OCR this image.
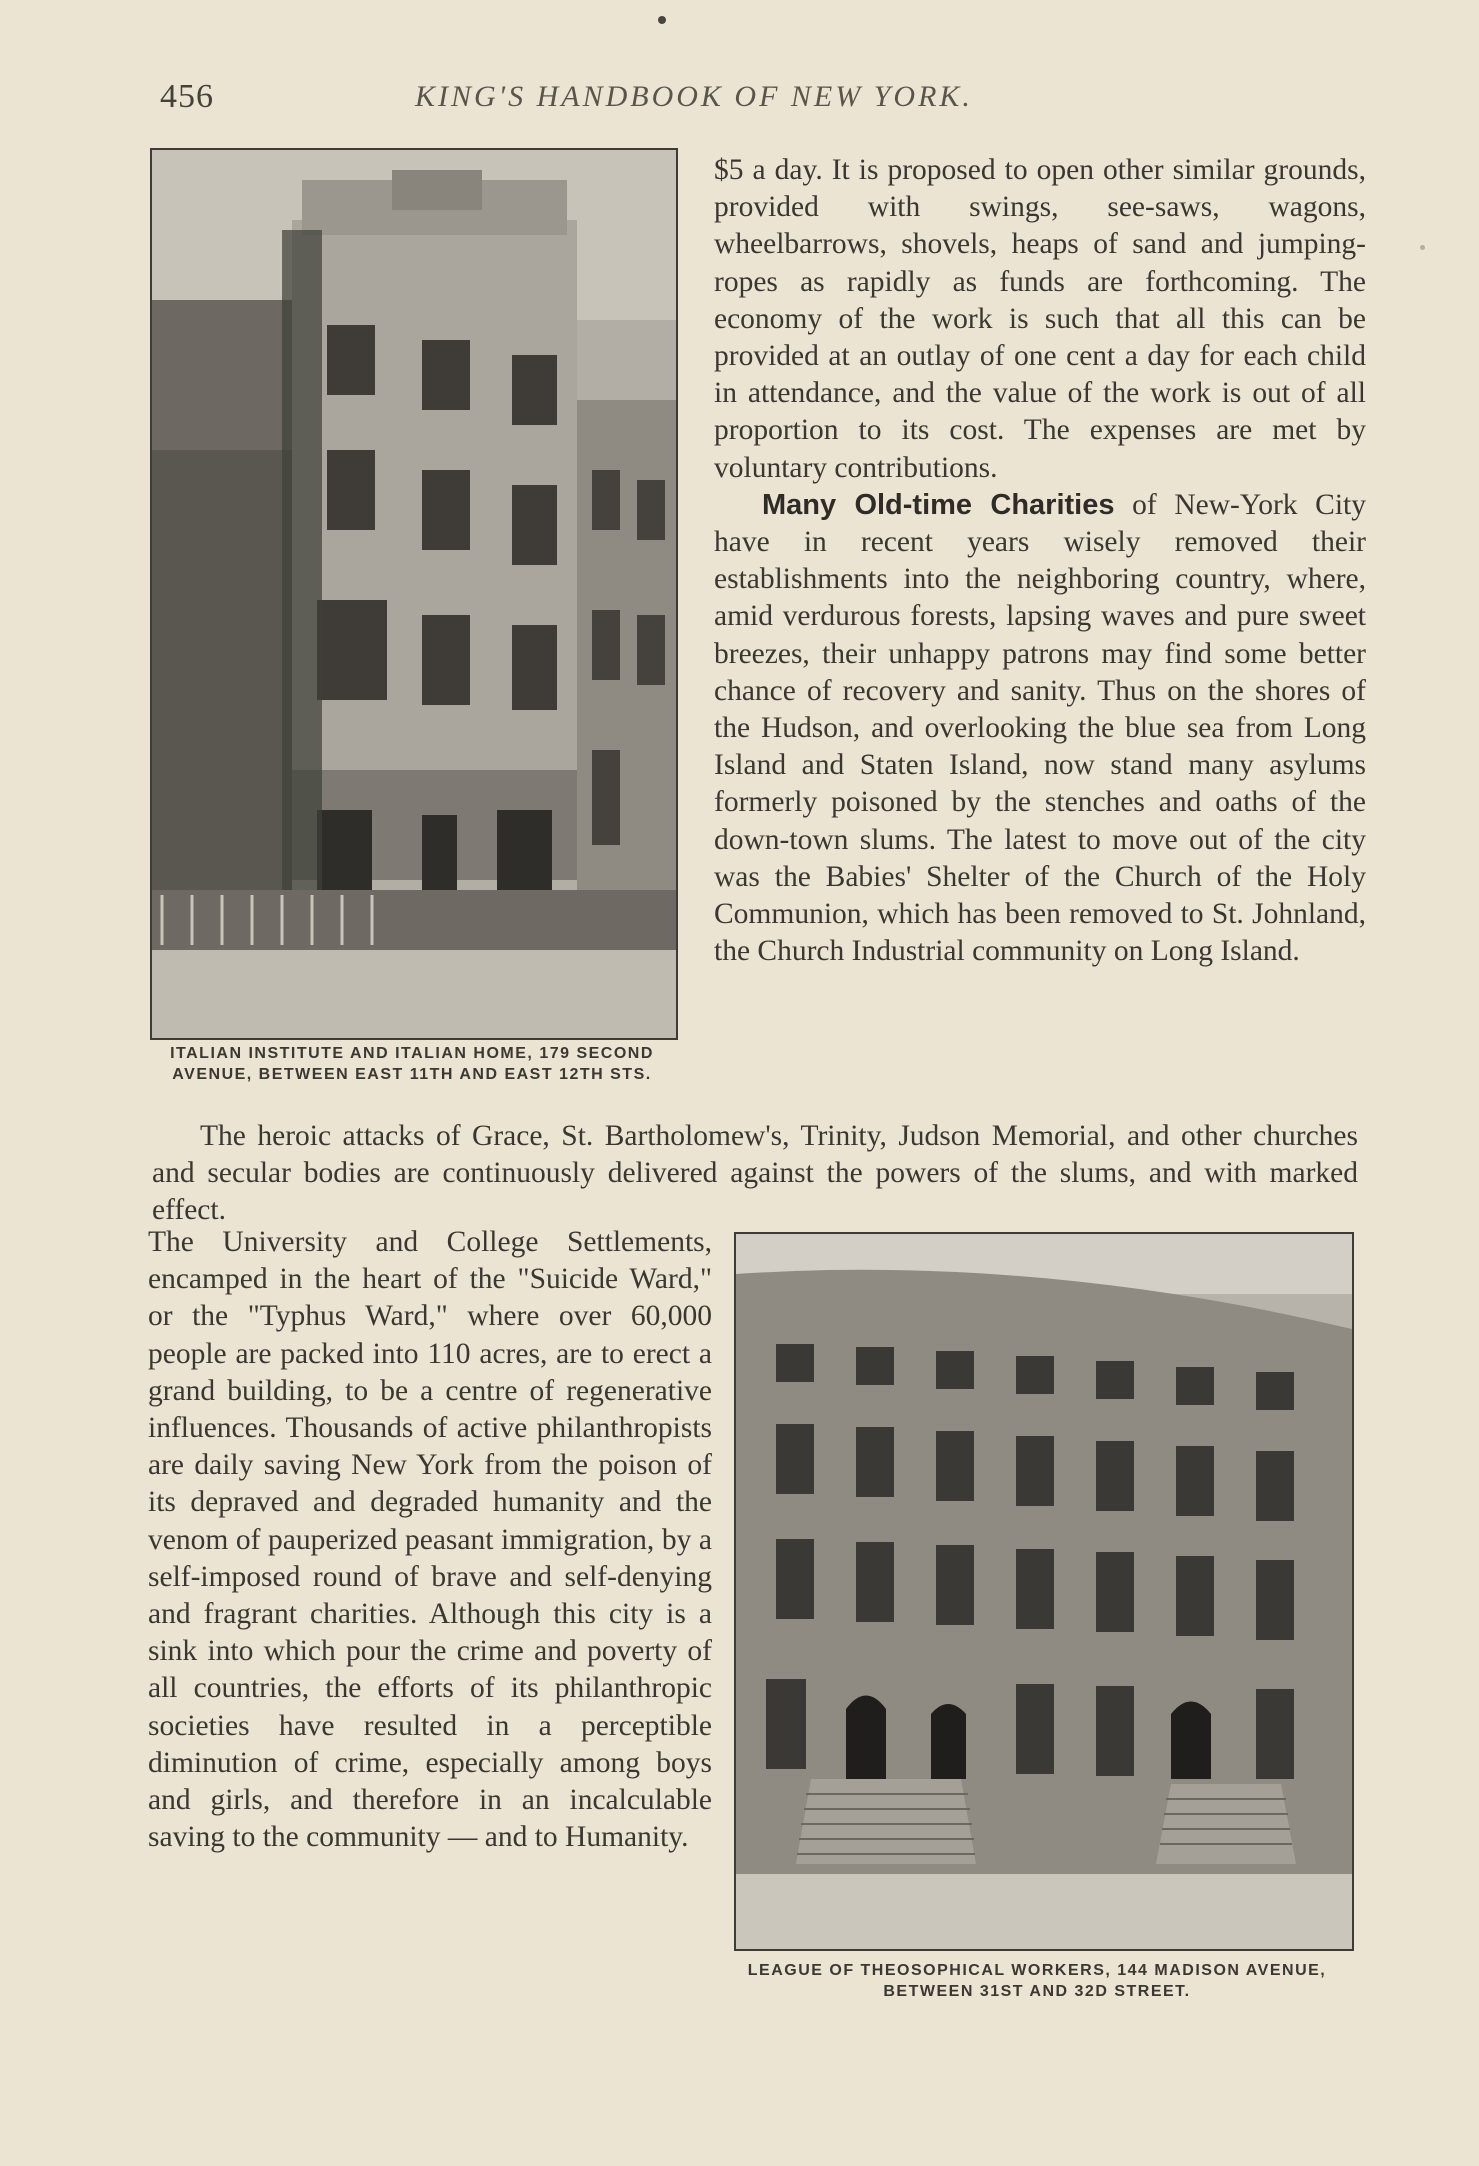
456	KING'S HANDBOOK OF NEW YORK.
ITALIAN INSTITUTE AND ITALIAN HOME, 179 SECOND
AVENUE, BETWEEN EAST 11TH AND EAST 12TH STS.

$5 a day. It is proposed to open other similar grounds, provided with swings, see-saws, wagons, wheelbarrows, shovels, heaps of sand and jumping-ropes as rapidly as funds are forthcoming. The economy of the work is such that all this can be provided at an outlay of one cent a day for each child in attendance, and the value of the work is out of all proportion to its cost. The expenses are met by voluntary contributions.

Many Old-time Charities of New-York City have in recent years wisely removed their establishments into the neighboring country, where, amid verdurous forests, lapsing waves and pure sweet breezes, their unhappy patrons may find some better chance of recovery and sanity. Thus on the shores of the Hudson, and overlooking the blue sea from Long Island and Staten Island, now stand many asylums formerly poisoned by the stenches and oaths of the down-town slums. The latest to move out of the city was the Babies' Shelter of the Church of the Holy Communion, which has been removed to St. Johnland, the Church Industrial community on Long Island.

The heroic attacks of Grace, St. Bartholomew's, Trinity, Judson Memorial, and other churches and secular bodies are continuously delivered against the powers of the slums, and with marked effect.

The University and College Settlements, encamped in the heart of the "Suicide Ward," or the "Typhus Ward," where over 60,000 people are packed into 110 acres, are to erect a grand building, to be a centre of regenerative influences. Thousands of active philanthropists are daily saving New York from the poison of its depraved and degraded humanity and the venom of pauperized peasant immigration, by a self-imposed round of brave and self-denying and fragrant charities. Although this city is a sink into which pour the crime and poverty of all countries, the efforts of its philanthropic societies have resulted in a perceptible diminution of crime, especially among boys and girls, and therefore in an incalculable saving to the community — and to Humanity.

LEAGUE OF THEOSOPHICAL WORKERS, 144 MADISON AVENUE,
BETWEEN 31ST AND 32D STREET.
